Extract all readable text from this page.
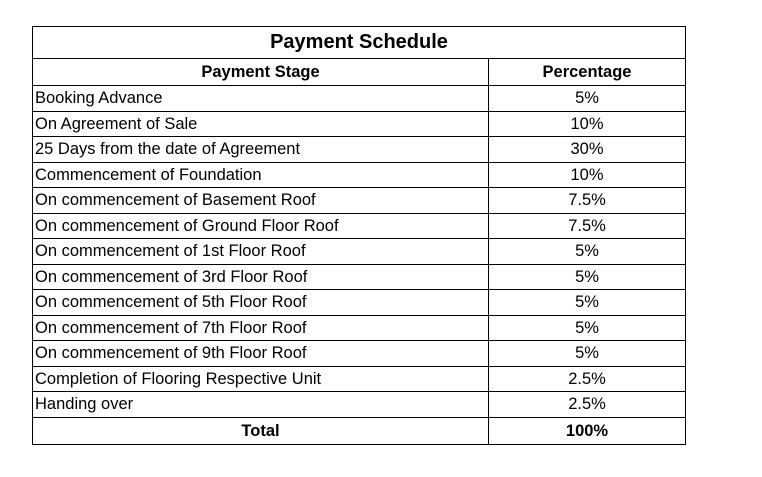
Payment Schedule	
Payment Stage	Percentage
Booking Advance	5%
On Agreement of Sale	10%
25 Days from the date of Agreement	30%
Commencement of Foundation	10%
On commencement of Basement Roof	7.5%
On commencement of Ground Floor Roof	7.5%
On commencement of 1st Floor Roof	5%
On commencement of 3rd Floor Roof	5%
On commencement of 5th Floor Roof	5%
On commencement of 7th Floor Roof	5%
On commencement of 9th Floor Roof	5%
Completion of Flooring Respective Unit	2.5%
Handing over	2.5%
Total	100%
